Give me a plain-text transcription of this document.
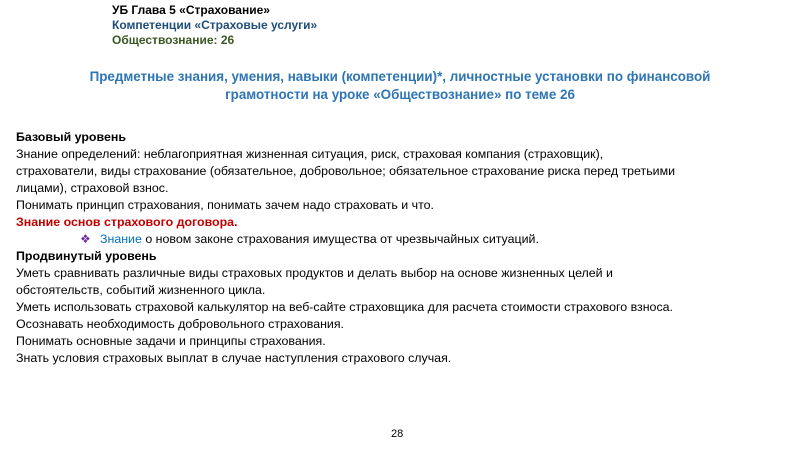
УБ Глава 5 «Страхование»
Компетенции «Страховые услуги»
Обществознание: 26
Предметные знания, умения, навыки (компетенции)*, личностные установки по финансовой
грамотности на уроке «Обществознание» по теме 26

Базовый уровень

Знание определений: неблагоприятная жизненная ситуация, риск, страховая компания (страховщик),

страхователи, виды страхование (обязательное, добровольное; обязательное страхование риска перед третьими

лицами), страховой взнос.

Понимать принцип страхования, понимать зачем надо страховать и что.

Знание основ страхового договора.

❖ Знание о новом законе страхования имущества от чрезвычайных ситуаций.

Продвинутый уровень

Уметь сравнивать различные виды страховых продуктов и делать выбор на основе жизненных целей и

обстоятельств, событий жизненного цикла.

Уметь использовать страховой калькулятор на веб-сайте страховщика для расчета стоимости страхового взноса.

Осознавать необходимость добровольного страхования.

Понимать основные задачи и принципы страхования.

Знать условия страховых выплат в случае наступления страхового случая.

28
